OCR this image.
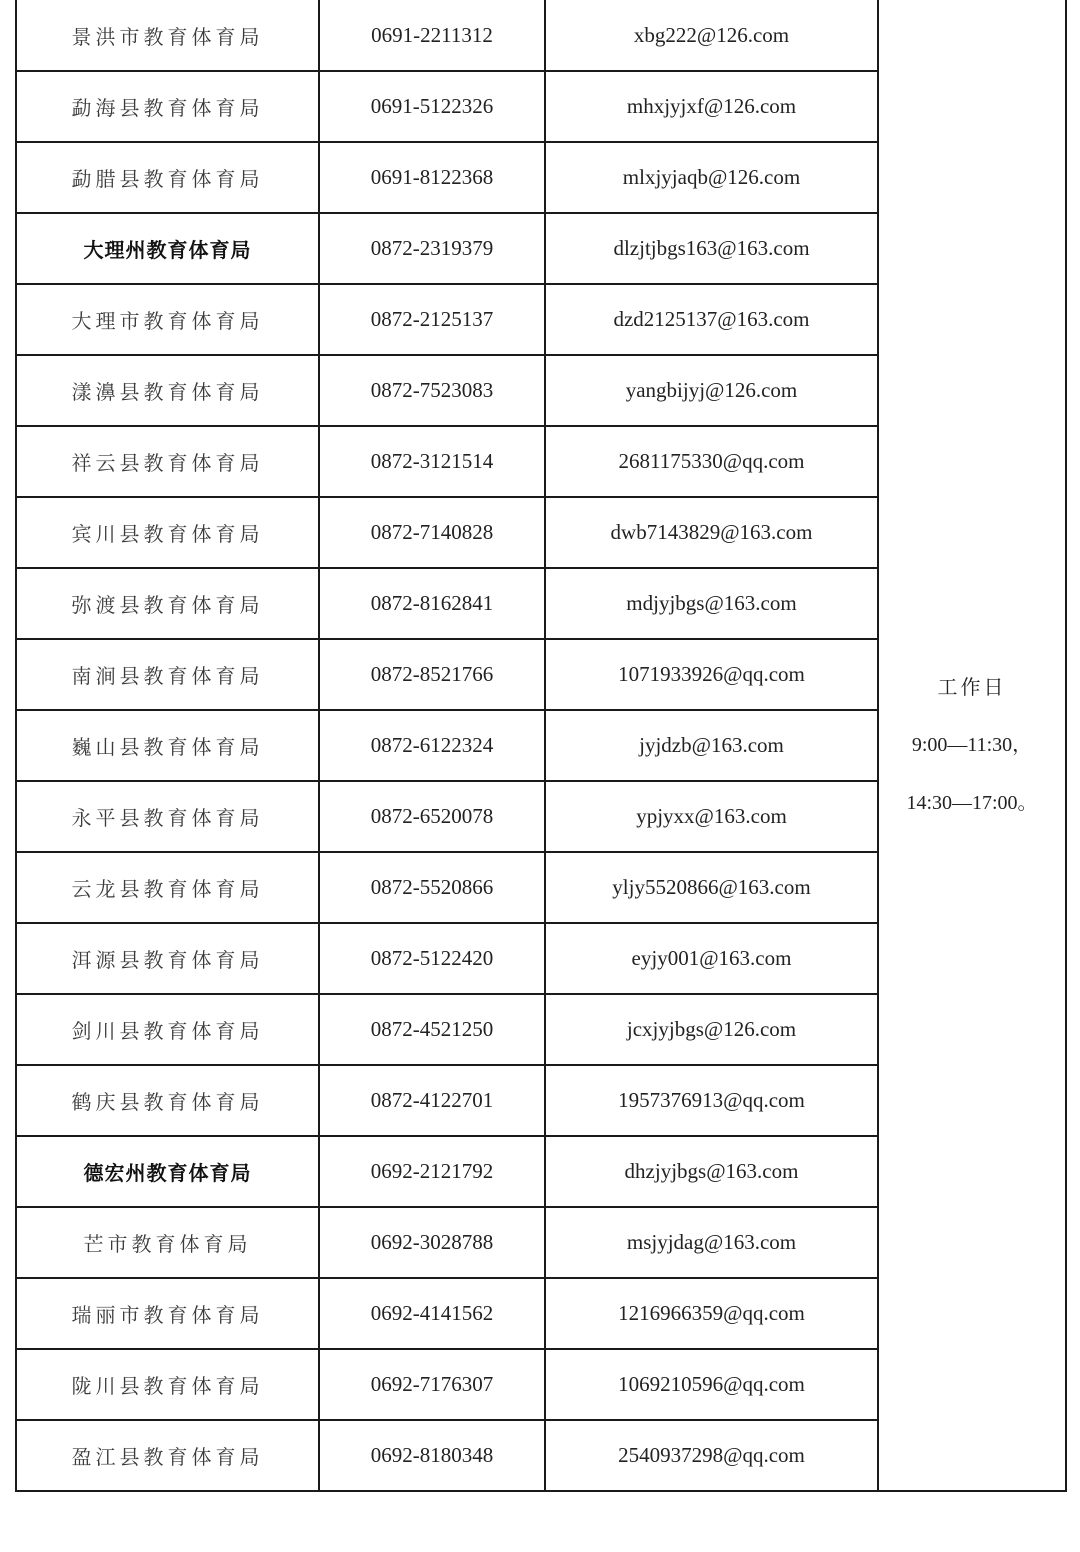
景洪市教育体育局	0691-2211312	xbg222@126.com	工作日
9:00—11:30，
14:30—17:00。

勐海县教育体育局	0691-5122326	mhxjyjxf@126.com	
勐腊县教育体育局	0691-8122368	mlxjyjaqb@126.com	
大理州教育体育局	0872-2319379	dlzjtjbgs163@163.com	
大理市教育体育局	0872-2125137	dzd2125137@163.com	
漾濞县教育体育局	0872-7523083	yangbijyj@126.com	
祥云县教育体育局	0872-3121514	2681175330@qq.com	
宾川县教育体育局	0872-7140828	dwb7143829@163.com	
弥渡县教育体育局	0872-8162841	mdjyjbgs@163.com	
南涧县教育体育局	0872-8521766	1071933926@qq.com	
巍山县教育体育局	0872-6122324	jyjdzb@163.com	
永平县教育体育局	0872-6520078	ypjyxx@163.com	
云龙县教育体育局	0872-5520866	yljy5520866@163.com	
洱源县教育体育局	0872-5122420	eyjy001@163.com	
剑川县教育体育局	0872-4521250	jcxjyjbgs@126.com	
鹤庆县教育体育局	0872-4122701	1957376913@qq.com	
德宏州教育体育局	0692-2121792	dhzjyjbgs@163.com	
芒市教育体育局	0692-3028788	msjyjdag@163.com	
瑞丽市教育体育局	0692-4141562	1216966359@qq.com	
陇川县教育体育局	0692-7176307	1069210596@qq.com	
盈江县教育体育局	0692-8180348	2540937298@qq.com	
